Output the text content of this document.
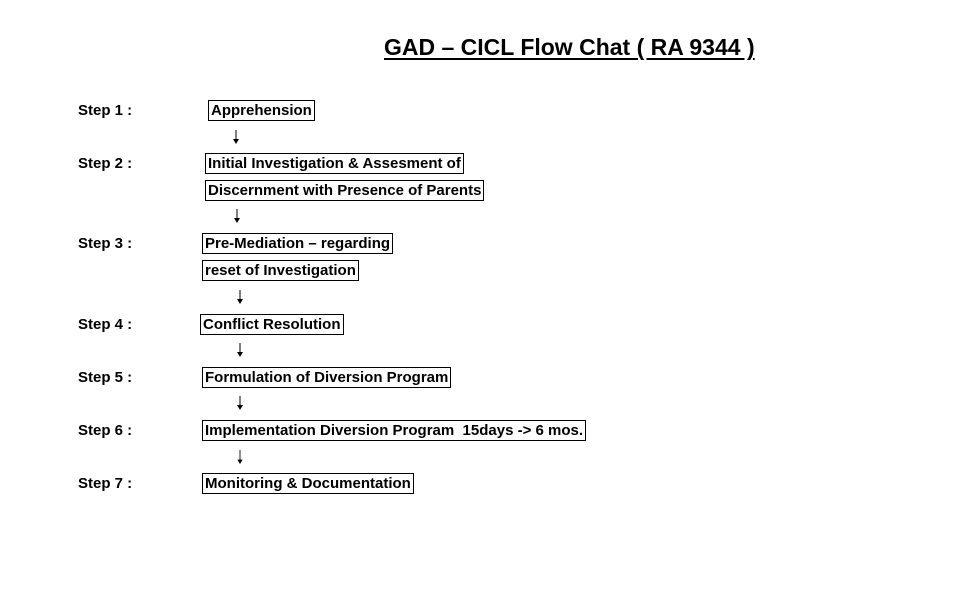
GAD – CICL Flow Chat ( RA 9344 )
Step 1 :	Apprehension
Step 2 :	Initial Investigation & Assesment of
Discernment with Presence of Parents
Step 3 :	Pre-Mediation – regarding
reset of Investigation
Step 4 :	Conflict Resolution
Step 5 :	Formulation of Diversion Program
Step 6 :	Implementation Diversion Program  15days -> 6 mos.
Step 7 :	Monitoring & Documentation
